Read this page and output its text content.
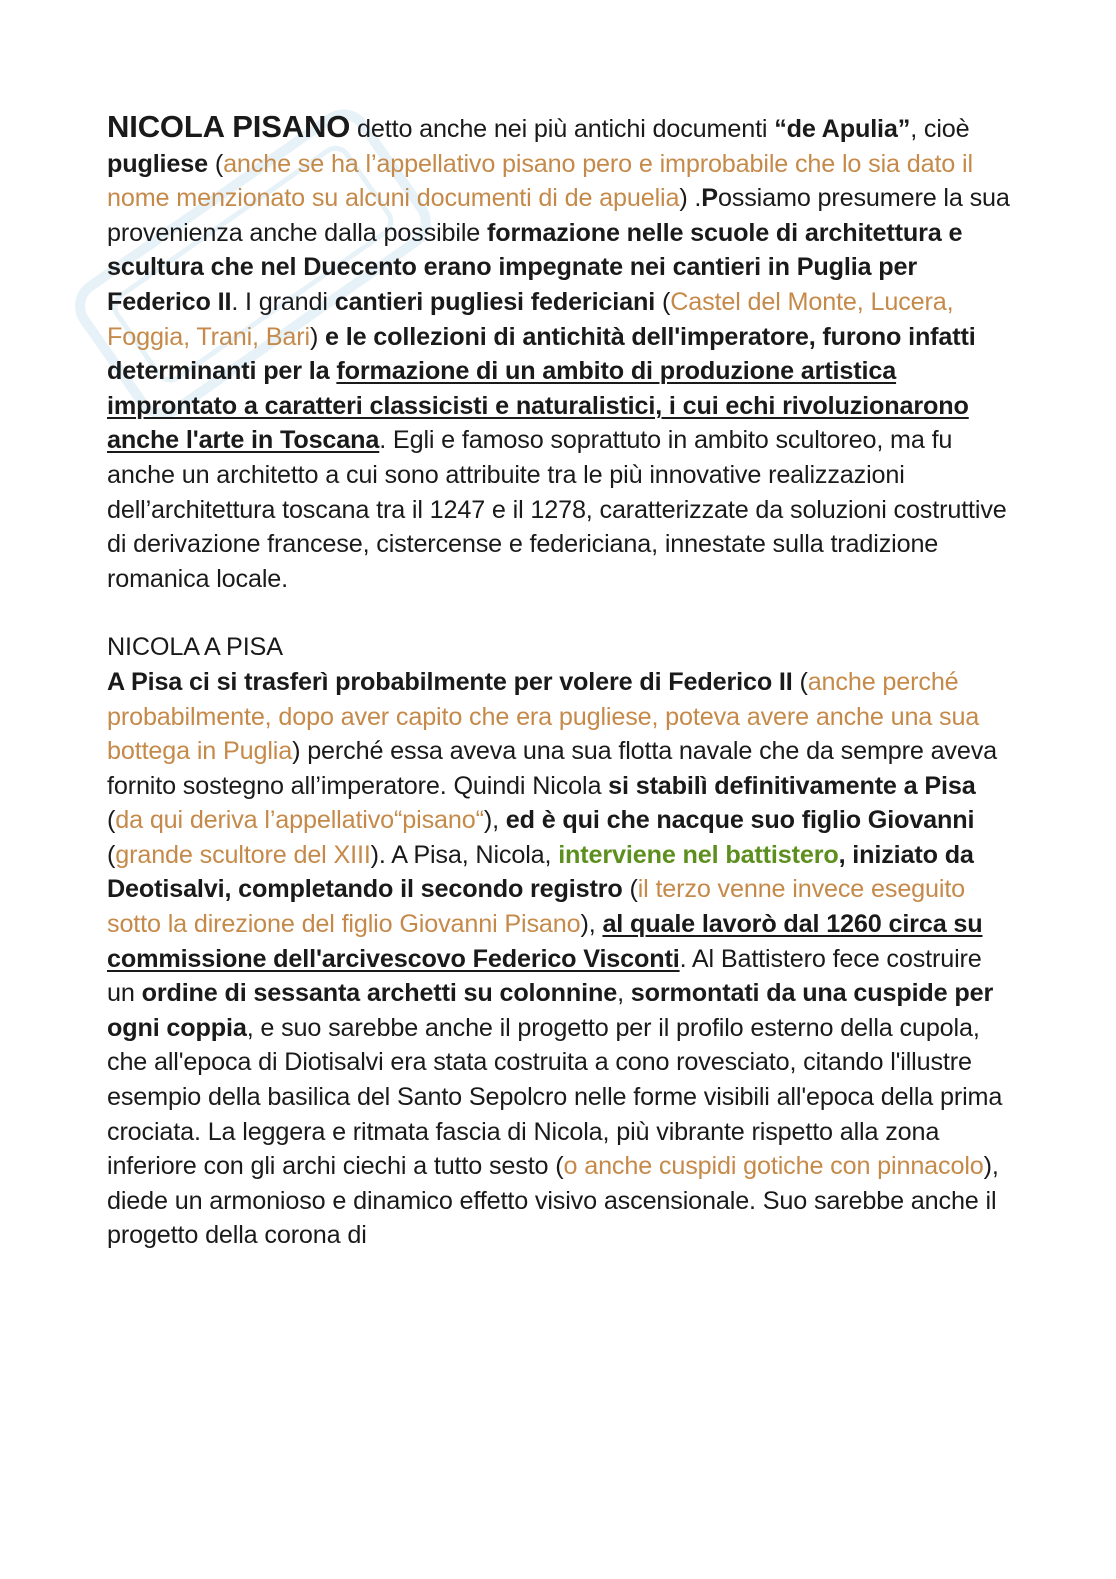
NICOLA PISANO detto anche nei più antichi documenti “de Apulia”, cioè pugliese (anche se ha l’appellativo pisano pero e improbabile che lo sia dato il nome menzionato su alcuni documenti di de apuelia) .Possiamo presumere la sua provenienza anche dalla possibile formazione nelle scuole di architettura e scultura che nel Duecento erano impegnate nei cantieri in Puglia per Federico II. I grandi cantieri pugliesi federiciani (Castel del Monte, Lucera, Foggia, Trani, Bari) e le collezioni di antichità dell'imperatore, furono infatti determinanti per la formazione di un ambito di produzione artistica improntato a caratteri classicisti e naturalistici, i cui echi rivoluzionarono anche l'arte in Toscana. Egli e famoso soprattuto in ambito scultoreo, ma fu anche un architetto a cui sono attribuite tra le più innovative realizzazioni dell’architettura toscana tra il 1247 e il 1278, caratterizzate da soluzioni costruttive di derivazione francese, cistercense e federiciana, innestate sulla tradizione romanica locale.

NICOLA A PISA

A Pisa ci si trasferì probabilmente per volere di Federico II (anche perché probabilmente, dopo aver capito che era pugliese, poteva avere anche una sua bottega in Puglia) perché essa aveva una sua flotta navale che da sempre aveva fornito sostegno all’imperatore. Quindi Nicola si stabilì definitivamente a Pisa (da qui deriva l’appellativo“pisano“), ed è qui che nacque suo figlio Giovanni (grande scultore del XIII). A Pisa, Nicola, interviene nel battistero, iniziato da Deotisalvi, completando il secondo registro (il terzo venne invece eseguito sotto la direzione del figlio Giovanni Pisano), al quale lavorò dal 1260 circa su commissione dell'arcivescovo Federico Visconti. Al Battistero fece costruire un ordine di sessanta archetti su colonnine, sormontati da una cuspide per ogni coppia, e suo sarebbe anche il progetto per il profilo esterno della cupola, che all'epoca di Diotisalvi era stata costruita a cono rovesciato, citando l'illustre esempio della basilica del Santo Sepolcro nelle forme visibili all'epoca della prima crociata. La leggera e ritmata fascia di Nicola, più vibrante rispetto alla zona inferiore con gli archi ciechi a tutto sesto (o anche cuspidi gotiche con pinnacolo), diede un armonioso e dinamico effetto visivo ascensionale. Suo sarebbe anche il progetto della corona di
